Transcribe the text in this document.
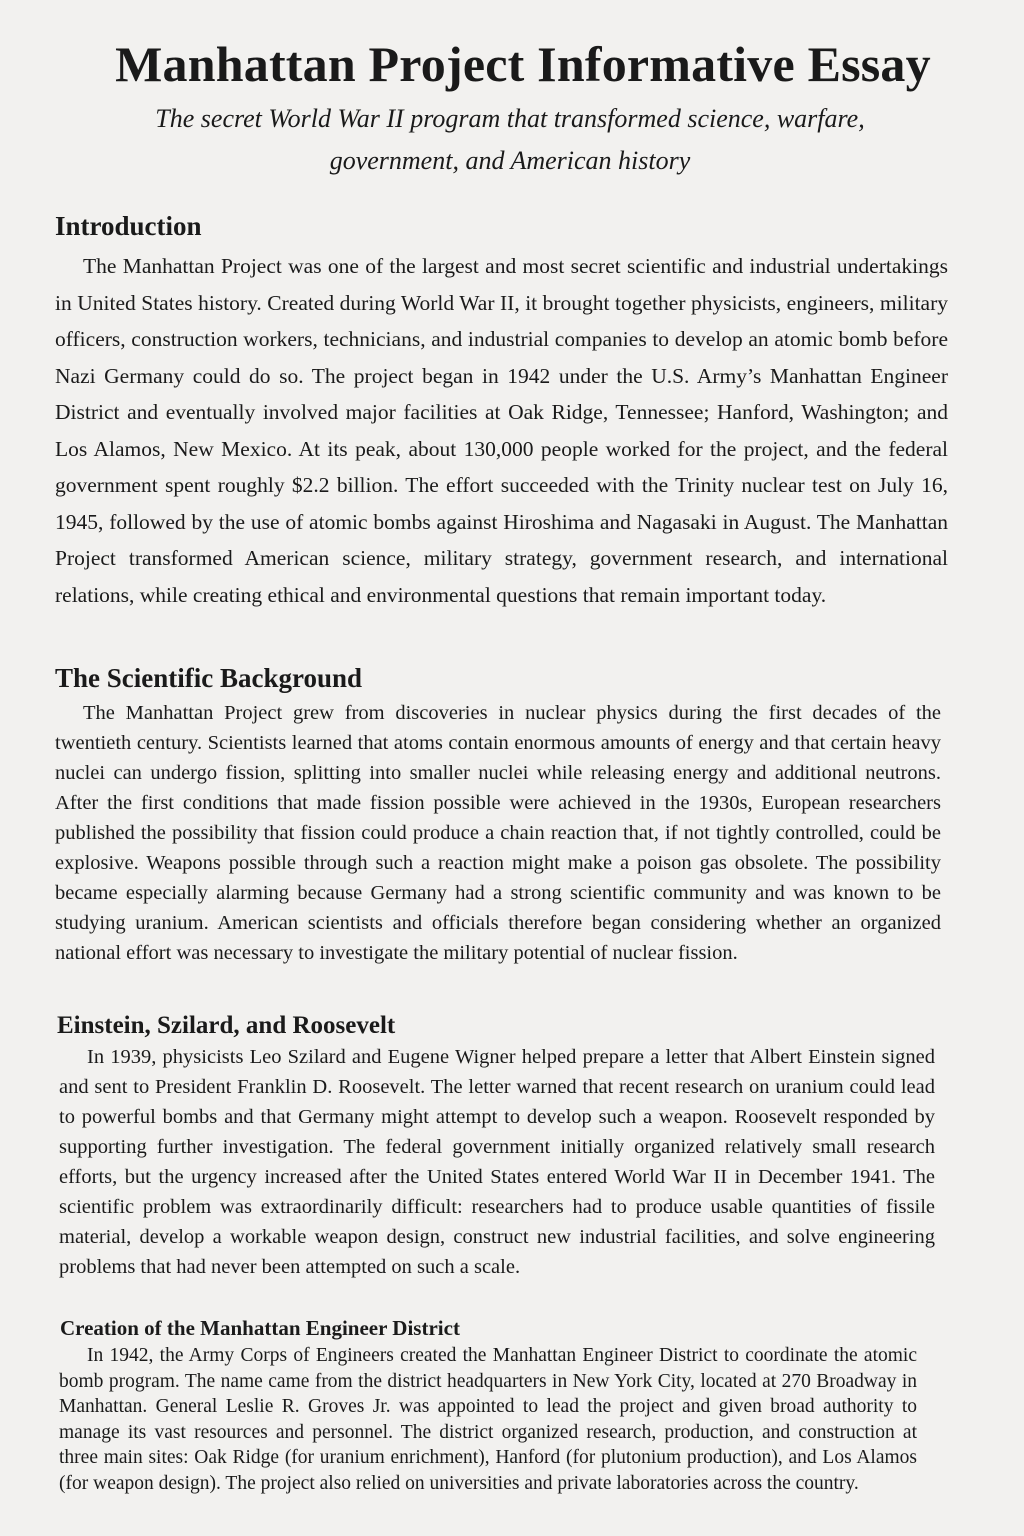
Manhattan Project Informative Essay

The secret World War II program that transformed science, warfare, government, and American history

Introduction

The Manhattan Project was one of the largest and most secret scientific and industrial undertakings in United States history. Created during World War II, it brought together physicists, engineers, military officers, construction workers, technicians, and industrial companies to develop an atomic bomb before Nazi Germany could do so. The project began in 1942 under the U.S. Army’s Manhattan Engineer District and eventually involved major facilities at Oak Ridge, Tennessee; Hanford, Washington; and Los Alamos, New Mexico. At its peak, about 130,000 people worked for the project, and the federal government spent roughly $2.2 billion. The effort succeeded with the Trinity nuclear test on July 16, 1945, followed by the use of atomic bombs against Hiroshima and Nagasaki in August. The Manhattan Project transformed American science, military strategy, government research, and international relations, while creating ethical and environmental questions that remain important today.

The Scientific Background

The Manhattan Project grew from discoveries in nuclear physics during the first decades of the twentieth century. Scientists learned that atoms contain enormous amounts of energy and that certain heavy nuclei can undergo fission, splitting into smaller nuclei while releasing energy and additional neutrons. After the first conditions that made fission possible were achieved in the 1930s, European researchers published the possibility that fission could produce a chain reaction that, if not tightly controlled, could be explosive. Weapons possible through such a reaction might make a poison gas obsolete. The possibility became especially alarming because Germany had a strong scientific community and was known to be studying uranium. American scientists and officials therefore began considering whether an organized national effort was necessary to investigate the military potential of nuclear fission.

Einstein, Szilard, and Roosevelt

In 1939, physicists Leo Szilard and Eugene Wigner helped prepare a letter that Albert Einstein signed and sent to President Franklin D. Roosevelt. The letter warned that recent research on uranium could lead to powerful bombs and that Germany might attempt to develop such a weapon. Roosevelt responded by supporting further investigation. The federal government initially organized relatively small research efforts, but the urgency increased after the United States entered World War II in December 1941. The scientific problem was extraordinarily difficult: researchers had to produce usable quantities of fissile material, develop a workable weapon design, construct new industrial facilities, and solve engineering problems that had never been attempted on such a scale.

Creation of the Manhattan Engineer District

In 1942, the Army Corps of Engineers created the Manhattan Engineer District to coordinate the atomic bomb program. The name came from the district headquarters in New York City, located at 270 Broadway in Manhattan. General Leslie R. Groves Jr. was appointed to lead the project and given broad authority to manage its vast resources and personnel. The district organized research, production, and construction at three main sites: Oak Ridge (for uranium enrichment), Hanford (for plutonium production), and Los Alamos (for weapon design). The project also relied on universities and private laboratories across the country.
